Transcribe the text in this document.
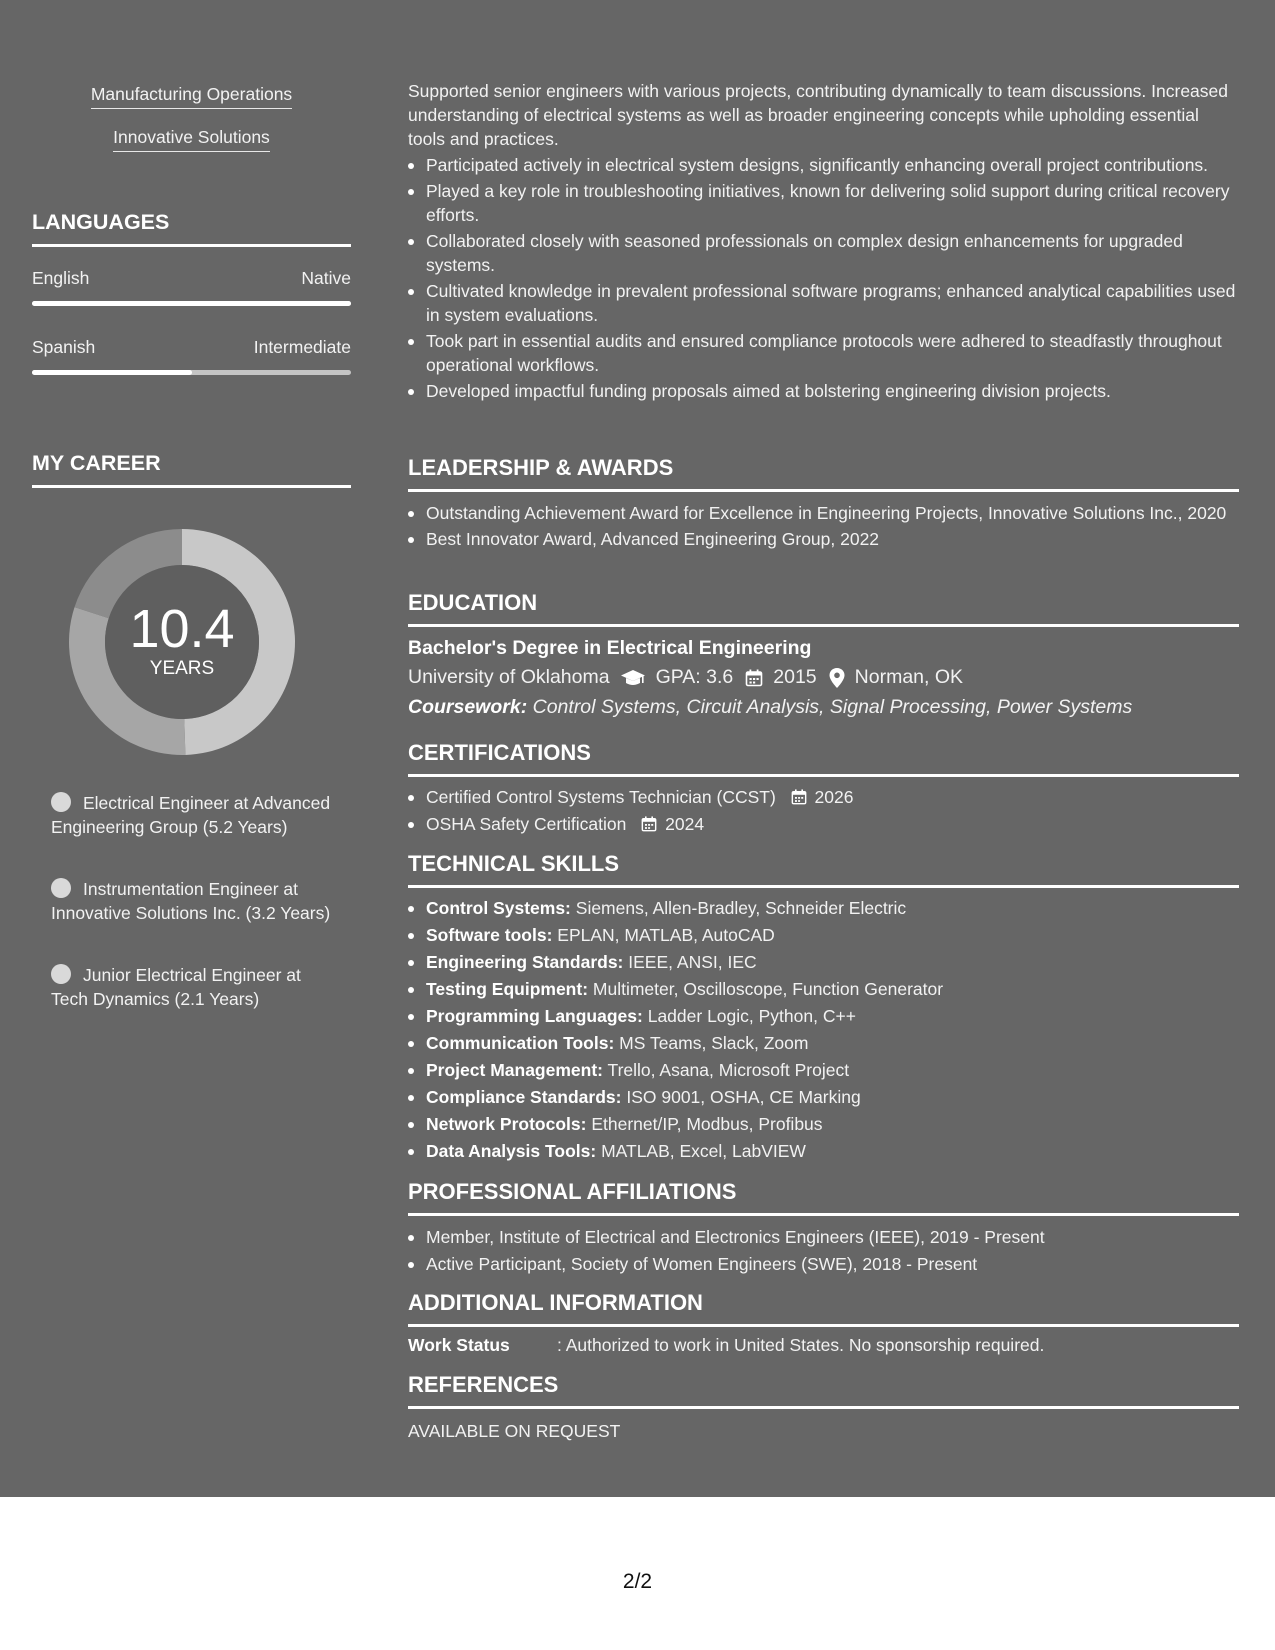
Manufacturing Operations
Innovative Solutions
LANGUAGES
English	Native
Spanish	Intermediate
MY CAREER
10.4
YEARS
Electrical Engineer at Advanced Engineering Group (5.2 Years)
Instrumentation Engineer at Innovative Solutions Inc. (3.2 Years)
Junior Electrical Engineer at Tech Dynamics (2.1 Years)

Supported senior engineers with various projects, contributing dynamically to team discussions. Increased understanding of electrical systems as well as broader engineering concepts while upholding essential tools and practices.

Participated actively in electrical system designs, significantly enhancing overall project contributions.
Played a key role in troubleshooting initiatives, known for delivering solid support during critical recovery efforts.
Collaborated closely with seasoned professionals on complex design enhancements for upgraded systems.
Cultivated knowledge in prevalent professional software programs; enhanced analytical capabilities used in system evaluations.
Took part in essential audits and ensured compliance protocols were adhered to steadfastly throughout operational workflows.
Developed impactful funding proposals aimed at bolstering engineering division projects.
LEADERSHIP & AWARDS
Outstanding Achievement Award for Excellence in Engineering Projects, Innovative Solutions Inc., 2020
Best Innovator Award, Advanced Engineering Group, 2022
EDUCATION
Bachelor's Degree in Electrical Engineering
University of Oklahoma GPA: 3.6 2015 Norman, OK
Coursework: Control Systems, Circuit Analysis, Signal Processing, Power Systems
CERTIFICATIONS
Certified Control Systems Technician (CCST) 2026
OSHA Safety Certification 2024
TECHNICAL SKILLS
Control Systems: Siemens, Allen-Bradley, Schneider Electric
Software tools: EPLAN, MATLAB, AutoCAD
Engineering Standards: IEEE, ANSI, IEC
Testing Equipment: Multimeter, Oscilloscope, Function Generator
Programming Languages: Ladder Logic, Python, C++
Communication Tools: MS Teams, Slack, Zoom
Project Management: Trello, Asana, Microsoft Project
Compliance Standards: ISO 9001, OSHA, CE Marking
Network Protocols: Ethernet/IP, Modbus, Profibus
Data Analysis Tools: MATLAB, Excel, LabVIEW
PROFESSIONAL AFFILIATIONS
Member, Institute of Electrical and Electronics Engineers (IEEE), 2019 - Present
Active Participant, Society of Women Engineers (SWE), 2018 - Present
ADDITIONAL INFORMATION
Work Status	: Authorized to work in United States. No sponsorship required.
REFERENCES
AVAILABLE ON REQUEST
2/2
